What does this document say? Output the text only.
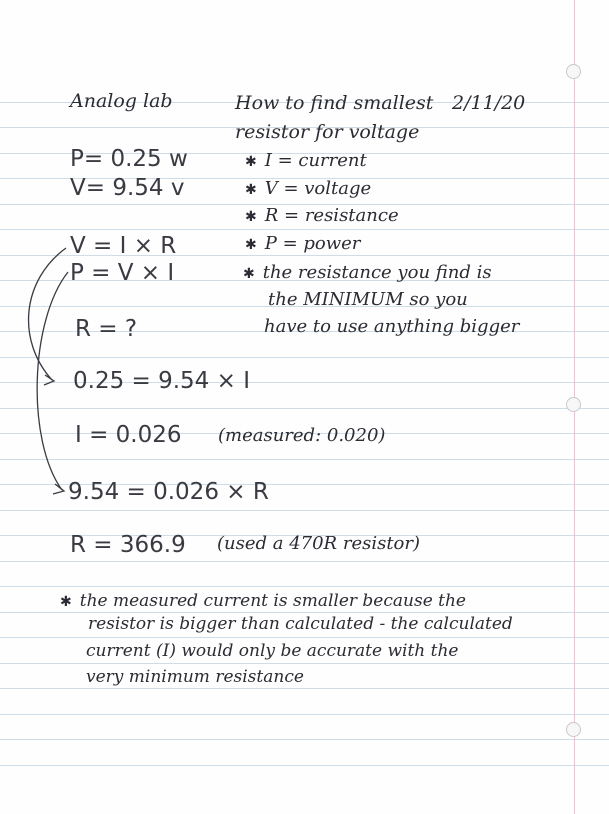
Analog lab	How to find smallest
resistor for voltage
2/11/20
P= 0.25 w
V= 9.54 v
✱ I = current
✱ V = voltage
✱ R = resistance
✱ P = power
✱ the resistance you find is
the MINIMUM so you
have to use anything bigger
V = I × R
P = V × I
R = ?
0.25 = 9.54 × I
I = 0.026 (measured: 0.020)
9.54 = 0.026 × R
R = 366.9 (used a 470R resistor)
✱ the measured current is smaller because the
resistor is bigger than calculated - the calculated
current (I) would only be accurate with the
very minimum resistance
